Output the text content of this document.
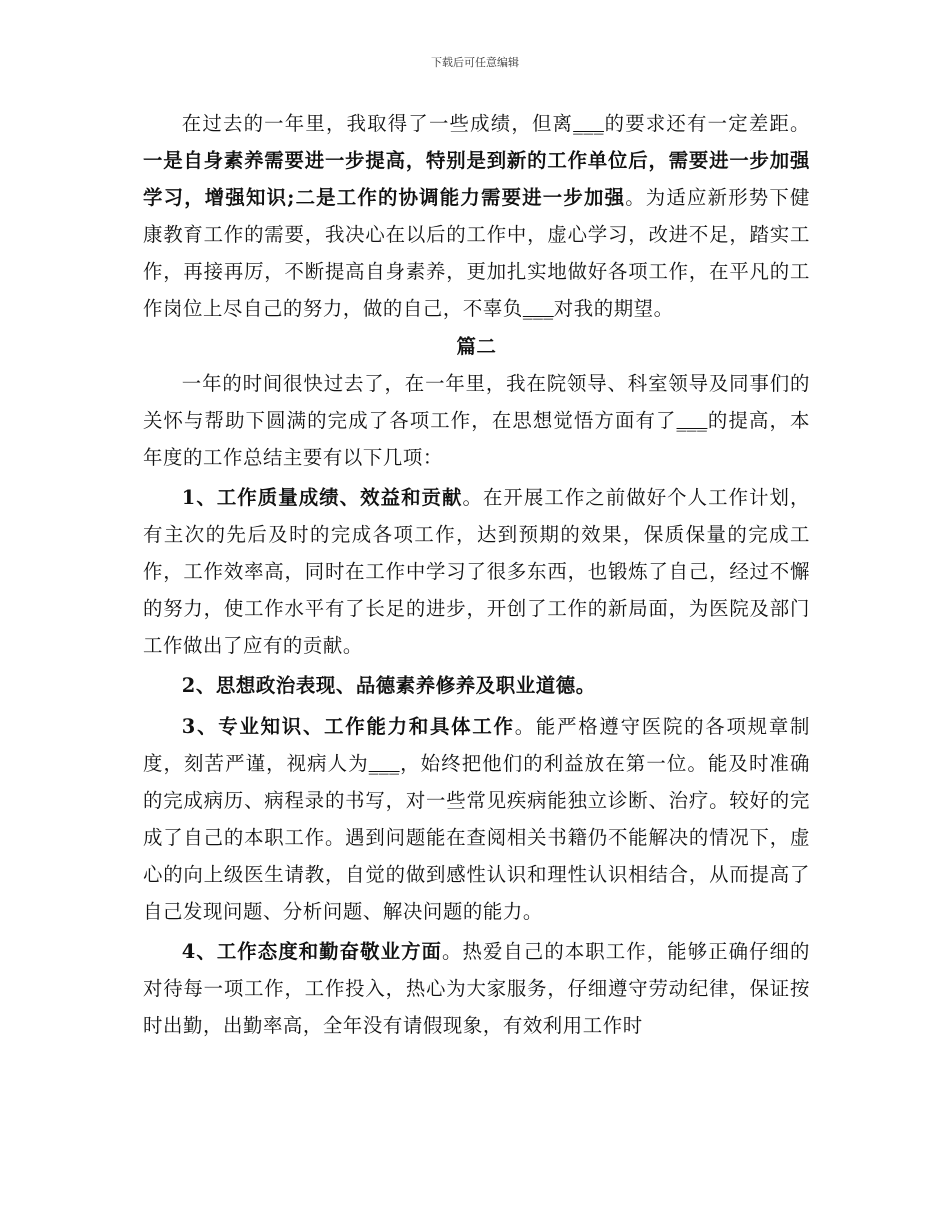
下载后可任意编辑

在过去的一年里，我取得了一些成绩，但离___的要求还有一定差距。一是自身素养需要进一步提高，特别是到新的工作单位后，需要进一步加强学习，增强知识;二是工作的协调能力需要进一步加强。为适应新形势下健康教育工作的需要，我决心在以后的工作中，虚心学习，改进不足，踏实工作，再接再厉，不断提高自身素养，更加扎实地做好各项工作，在平凡的工作岗位上尽自己的努力，做的自己，不辜负___对我的期望。

篇二

一年的时间很快过去了，在一年里，我在院领导、科室领导及同事们的关怀与帮助下圆满的完成了各项工作，在思想觉悟方面有了___的提高，本年度的工作总结主要有以下几项：

1、工作质量成绩、效益和贡献。在开展工作之前做好个人工作计划，有主次的先后及时的完成各项工作，达到预期的效果，保质保量的完成工作，工作效率高，同时在工作中学习了很多东西，也锻炼了自己，经过不懈的努力，使工作水平有了长足的进步，开创了工作的新局面，为医院及部门工作做出了应有的贡献。

2、思想政治表现、品德素养修养及职业道德。

3、专业知识、工作能力和具体工作。能严格遵守医院的各项规章制度，刻苦严谨，视病人为___，始终把他们的利益放在第一位。能及时准确的完成病历、病程录的书写，对一些常见疾病能独立诊断、治疗。较好的完成了自己的本职工作。遇到问题能在查阅相关书籍仍不能解决的情况下，虚心的向上级医生请教，自觉的做到感性认识和理性认识相结合，从而提高了自己发现问题、分析问题、解决问题的能力。

4、工作态度和勤奋敬业方面。热爱自己的本职工作，能够正确仔细的对待每一项工作，工作投入，热心为大家服务，仔细遵守劳动纪律，保证按时出勤，出勤率高，全年没有请假现象，有效利用工作时
